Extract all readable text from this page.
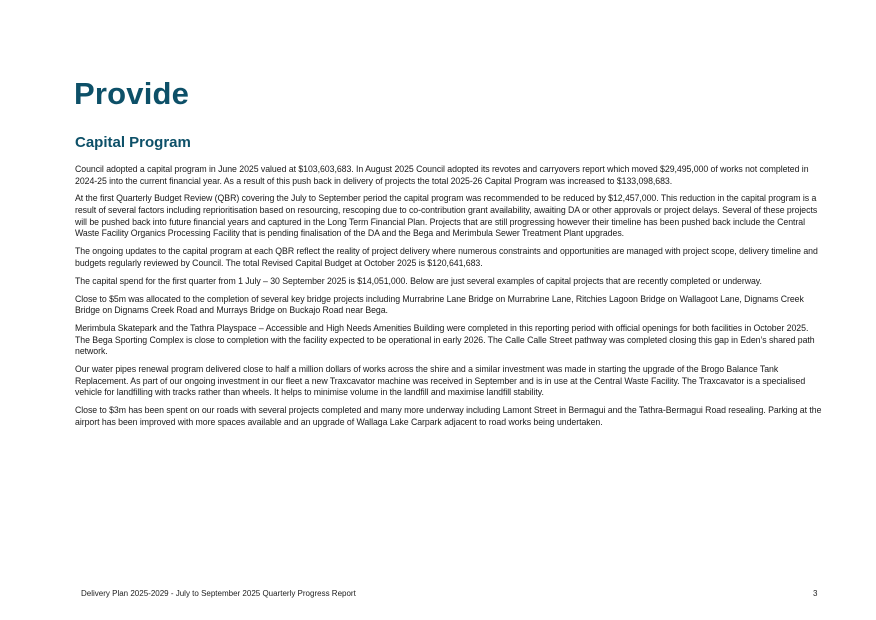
Provide
Capital Program

Council adopted a capital program in June 2025 valued at $103,603,683. In August 2025 Council adopted its revotes and carryovers report which moved $29,495,000 of works not completed in 2024-25 into the current financial year. As a result of this push back in delivery of projects the total 2025-26 Capital Program was increased to $133,098,683.

At the first Quarterly Budget Review (QBR) covering the July to September period the capital program was recommended to be reduced by $12,457,000. This reduction in the capital program is a result of several factors including reprioritisation based on resourcing, rescoping due to co-contribution grant availability, awaiting DA or other approvals or project delays. Several of these projects will be pushed back into future financial years and captured in the Long Term Financial Plan. Projects that are still progressing however their timeline has been pushed back include the Central Waste Facility Organics Processing Facility that is pending finalisation of the DA and the Bega and Merimbula Sewer Treatment Plant upgrades.

The ongoing updates to the capital program at each QBR reflect the reality of project delivery where numerous constraints and opportunities are managed with project scope, delivery timeline and budgets regularly reviewed by Council. The total Revised Capital Budget at October 2025 is $120,641,683.

The capital spend for the first quarter from 1 July – 30 September 2025 is $14,051,000. Below are just several examples of capital projects that are recently completed or underway.

Close to $5m was allocated to the completion of several key bridge projects including Murrabrine Lane Bridge on Murrabrine Lane, Ritchies Lagoon Bridge on Wallagoot Lane, Dignams Creek Bridge on Dignams Creek Road and Murrays Bridge on Buckajo Road near Bega.

Merimbula Skatepark and the Tathra Playspace – Accessible and High Needs Amenities Building were completed in this reporting period with official openings for both facilities in October 2025. The Bega Sporting Complex is close to completion with the facility expected to be operational in early 2026. The Calle Calle Street pathway was completed closing this gap in Eden’s shared path network.

Our water pipes renewal program delivered close to half a million dollars of works across the shire and a similar investment was made in starting the upgrade of the Brogo Balance Tank Replacement. As part of our ongoing investment in our fleet a new Traxcavator machine was received in September and is in use at the Central Waste Facility. The Traxcavator is a specialised vehicle for landfilling with tracks rather than wheels. It helps to minimise volume in the landfill and maximise landfill stability.

Close to $3m has been spent on our roads with several projects completed and many more underway including Lamont Street in Bermagui and the Tathra-Bermagui Road resealing. Parking at the airport has been improved with more spaces available and an upgrade of Wallaga Lake Carpark adjacent to road works being undertaken.

Delivery Plan 2025-2029 - July to September 2025 Quarterly Progress Report	3
